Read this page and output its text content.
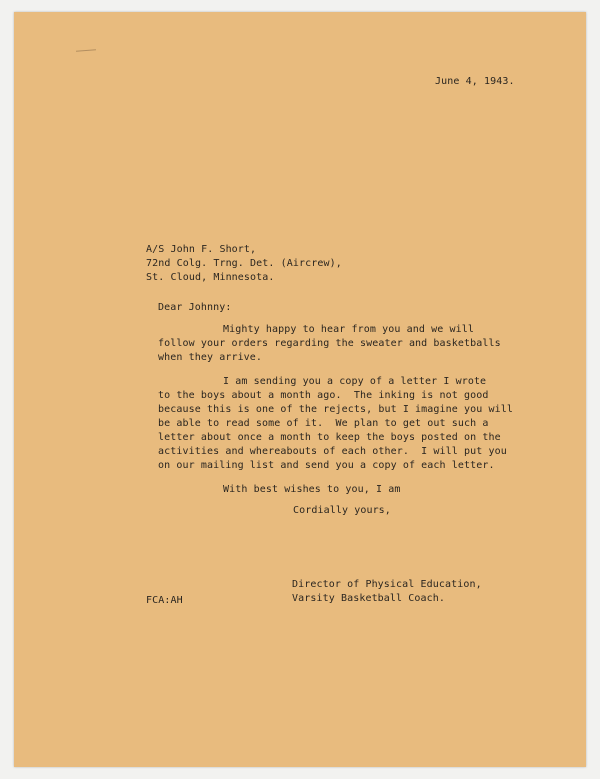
June 4, 1943.
A/S John F. Short,
72nd Colg. Trng. Det. (Aircrew),
St. Cloud, Minnesota.
Dear Johnny:
Mighty happy to hear from you and we will
follow your orders regarding the sweater and basketballs
when they arrive.
I am sending you a copy of a letter I wrote
to the boys about a month ago.  The inking is not good
because this is one of the rejects, but I imagine you will
be able to read some of it.  We plan to get out such a
letter about once a month to keep the boys posted on the
activities and whereabouts of each other.  I will put you
on our mailing list and send you a copy of each letter.
With best wishes to you, I am
Cordially yours,
FCA:AH
Director of Physical Education,
Varsity Basketball Coach.
